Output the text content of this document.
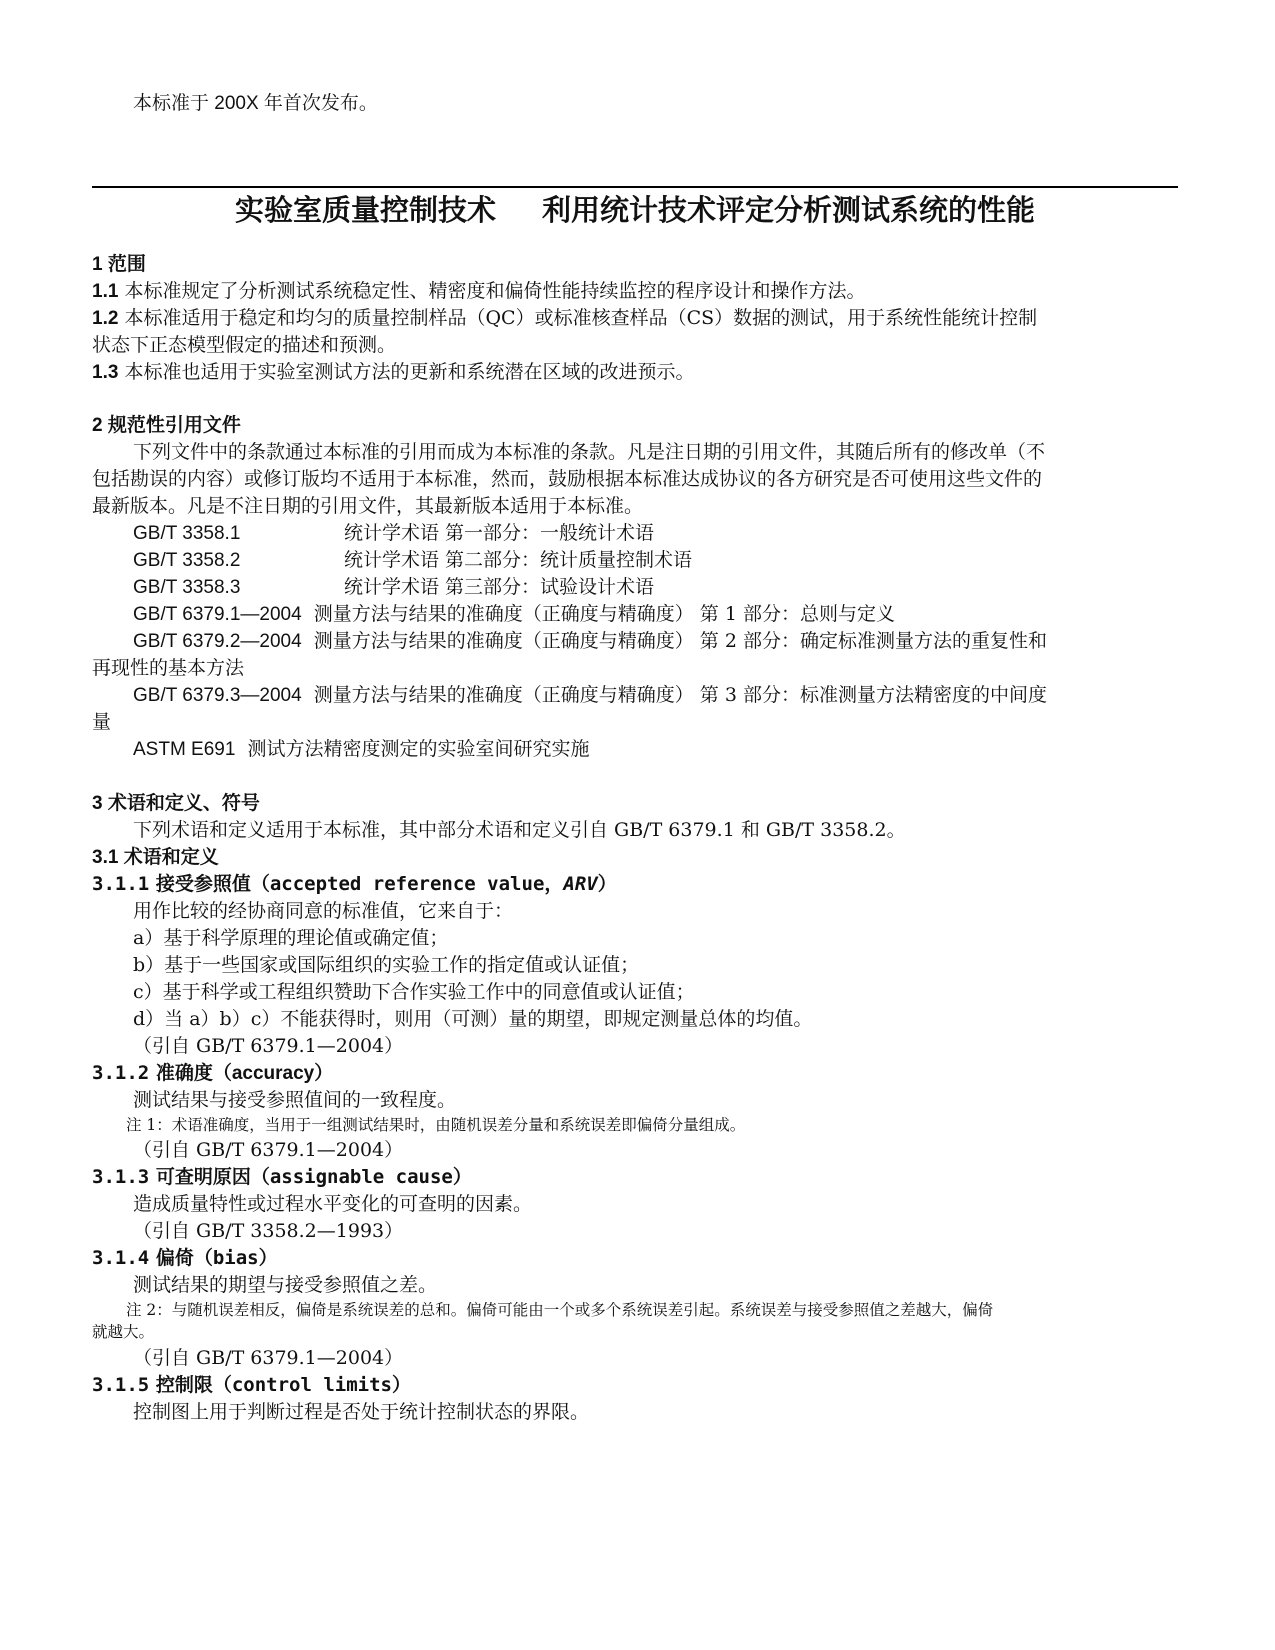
本标准于 200X 年首次发布。
实验室质量控制技术 利用统计技术评定分析测试系统的性能
1 范围
1.1 本标准规定了分析测试系统稳定性、精密度和偏倚性能持续监控的程序设计和操作方法。
1.2 本标准适用于稳定和均匀的质量控制样品（QC）或标准核查样品（CS）数据的测试，用于系统性能统计控制
状态下正态模型假定的描述和预测。
1.3 本标准也适用于实验室测试方法的更新和系统潜在区域的改进预示。
2 规范性引用文件
下列文件中的条款通过本标准的引用而成为本标准的条款。凡是注日期的引用文件，其随后所有的修改单（不
包括勘误的内容）或修订版均不适用于本标准，然而，鼓励根据本标准达成协议的各方研究是否可使用这些文件的
最新版本。凡是不注日期的引用文件，其最新版本适用于本标准。
GB/T 3358.1	统计学术语 第一部分：一般统计术语
GB/T 3358.2	统计学术语 第二部分：统计质量控制术语
GB/T 3358.3	统计学术语 第三部分：试验设计术语
GB/T 6379.1—2004 测量方法与结果的准确度（正确度与精确度） 第 1 部分：总则与定义
GB/T 6379.2—2004 测量方法与结果的准确度（正确度与精确度） 第 2 部分：确定标准测量方法的重复性和
再现性的基本方法
GB/T 6379.3—2004 测量方法与结果的准确度（正确度与精确度） 第 3 部分：标准测量方法精密度的中间度
量
ASTM E691 测试方法精密度测定的实验室间研究实施
3 术语和定义、符号
下列术语和定义适用于本标准，其中部分术语和定义引自 GB/T 6379.1 和 GB/T 3358.2。
3.1 术语和定义
3.1.1 接受参照值（accepted reference value，ARV）
用作比较的经协商同意的标准值，它来自于：
a）基于科学原理的理论值或确定值；
b）基于一些国家或国际组织的实验工作的指定值或认证值；
c）基于科学或工程组织赞助下合作实验工作中的同意值或认证值；
d）当 a）b）c）不能获得时，则用（可测）量的期望，即规定测量总体的均值。
（引自 GB/T 6379.1—2004）
3.1.2 准确度（accuracy）
测试结果与接受参照值间的一致程度。
注 1：术语准确度，当用于一组测试结果时，由随机误差分量和系统误差即偏倚分量组成。
（引自 GB/T 6379.1—2004）
3.1.3 可查明原因（assignable cause）
造成质量特性或过程水平变化的可查明的因素。
（引自 GB/T 3358.2—1993）
3.1.4 偏倚（bias）
测试结果的期望与接受参照值之差。
注 2：与随机误差相反，偏倚是系统误差的总和。偏倚可能由一个或多个系统误差引起。系统误差与接受参照值之差越大，偏倚
就越大。
（引自 GB/T 6379.1—2004）
3.1.5 控制限（control limits）
控制图上用于判断过程是否处于统计控制状态的界限。
